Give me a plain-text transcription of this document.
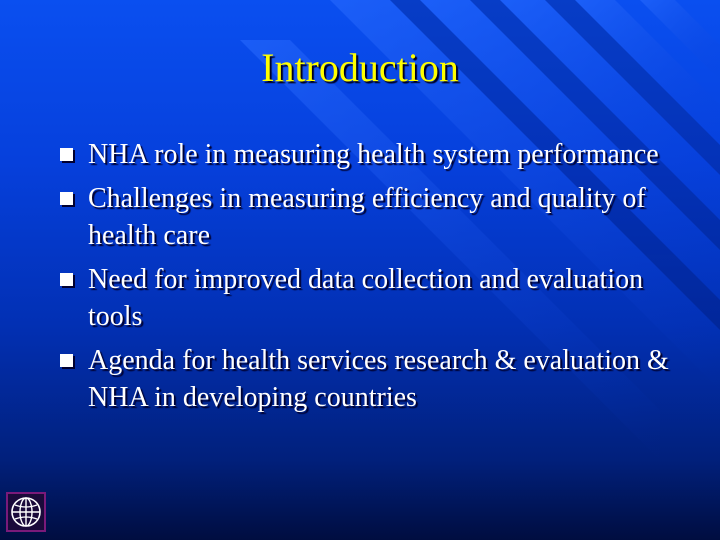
Introduction
NHA role in measuring health system performance
Challenges in measuring efficiency and quality of health care
Need for improved data collection and evaluation tools
Agenda for health services research & evaluation & NHA in developing countries
